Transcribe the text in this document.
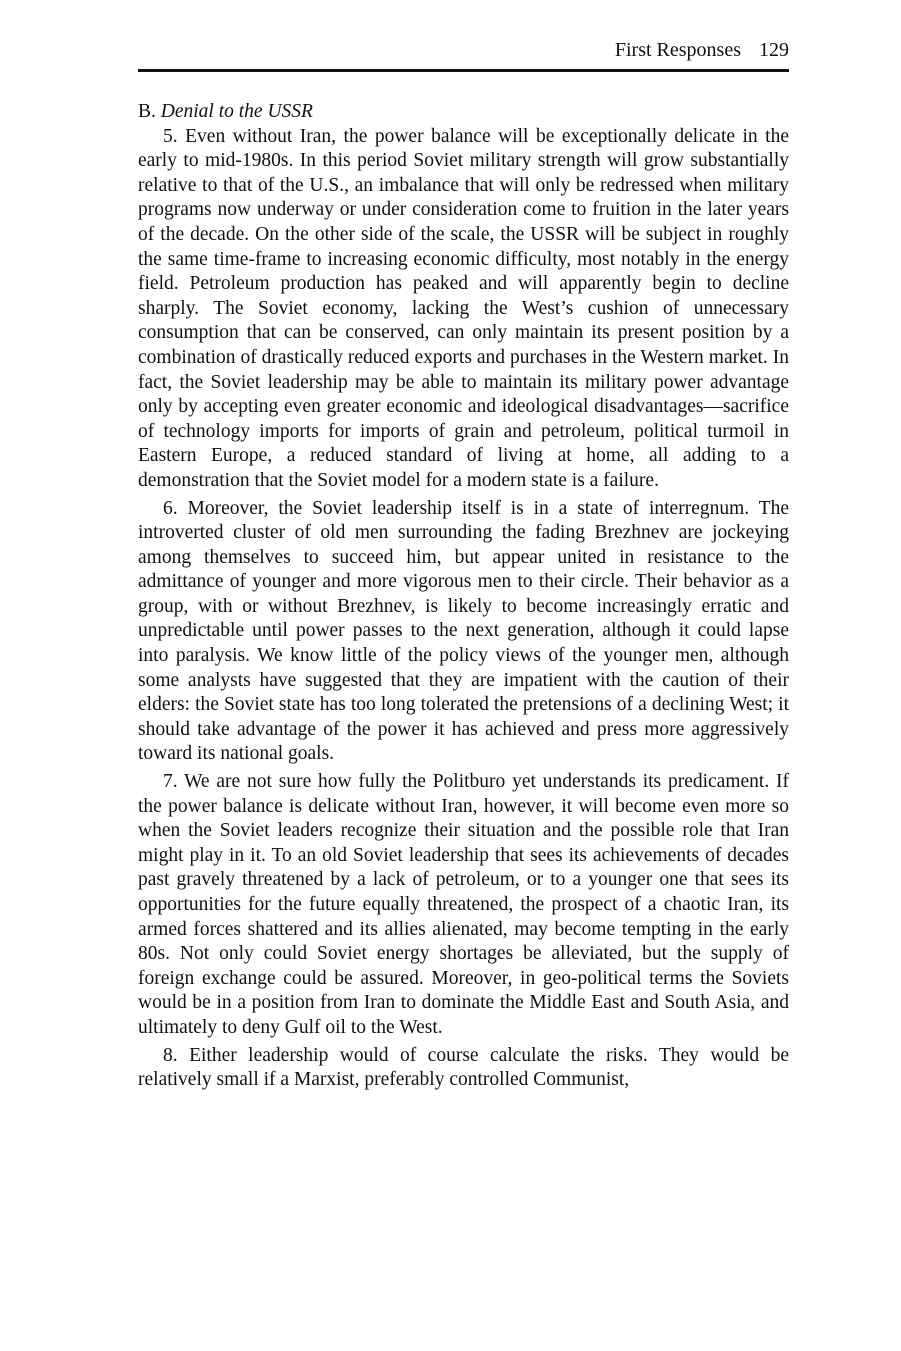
First Responses 129
B. Denial to the USSR

5. Even without Iran, the power balance will be exceptionally delicate in the early to mid-1980s. In this period Soviet military strength will grow substantially relative to that of the U.S., an imbalance that will only be redressed when military programs now underway or under consideration come to fruition in the later years of the decade. On the other side of the scale, the USSR will be subject in roughly the same time-frame to increasing economic difficulty, most notably in the energy field. Petroleum production has peaked and will apparently begin to decline sharply. The Soviet economy, lacking the West’s cushion of unnecessary consumption that can be conserved, can only maintain its present position by a combination of drastically reduced exports and purchases in the Western market. In fact, the Soviet leadership may be able to maintain its military power advantage only by accepting even greater economic and ideological disadvantages—sacrifice of technology imports for imports of grain and petroleum, political turmoil in Eastern Europe, a reduced standard of living at home, all adding to a demonstration that the Soviet model for a modern state is a failure.

6. Moreover, the Soviet leadership itself is in a state of interregnum. The introverted cluster of old men surrounding the fading Brezhnev are jockeying among themselves to succeed him, but appear united in resistance to the admittance of younger and more vigorous men to their circle. Their behavior as a group, with or without Brezhnev, is likely to become increasingly erratic and unpredictable until power passes to the next generation, although it could lapse into paralysis. We know little of the policy views of the younger men, although some analysts have suggested that they are impatient with the caution of their elders: the Soviet state has too long tolerated the pretensions of a declining West; it should take advantage of the power it has achieved and press more aggressively toward its national goals.

7. We are not sure how fully the Politburo yet understands its predicament. If the power balance is delicate without Iran, however, it will become even more so when the Soviet leaders recognize their situation and the possible role that Iran might play in it. To an old Soviet leadership that sees its achievements of decades past gravely threatened by a lack of petroleum, or to a younger one that sees its opportunities for the future equally threatened, the prospect of a chaotic Iran, its armed forces shattered and its allies alienated, may become tempting in the early 80s. Not only could Soviet energy shortages be alleviated, but the supply of foreign exchange could be assured. Moreover, in geo-political terms the Soviets would be in a position from Iran to dominate the Middle East and South Asia, and ultimately to deny Gulf oil to the West.

8. Either leadership would of course calculate the risks. They would be relatively small if a Marxist, preferably controlled Communist,
